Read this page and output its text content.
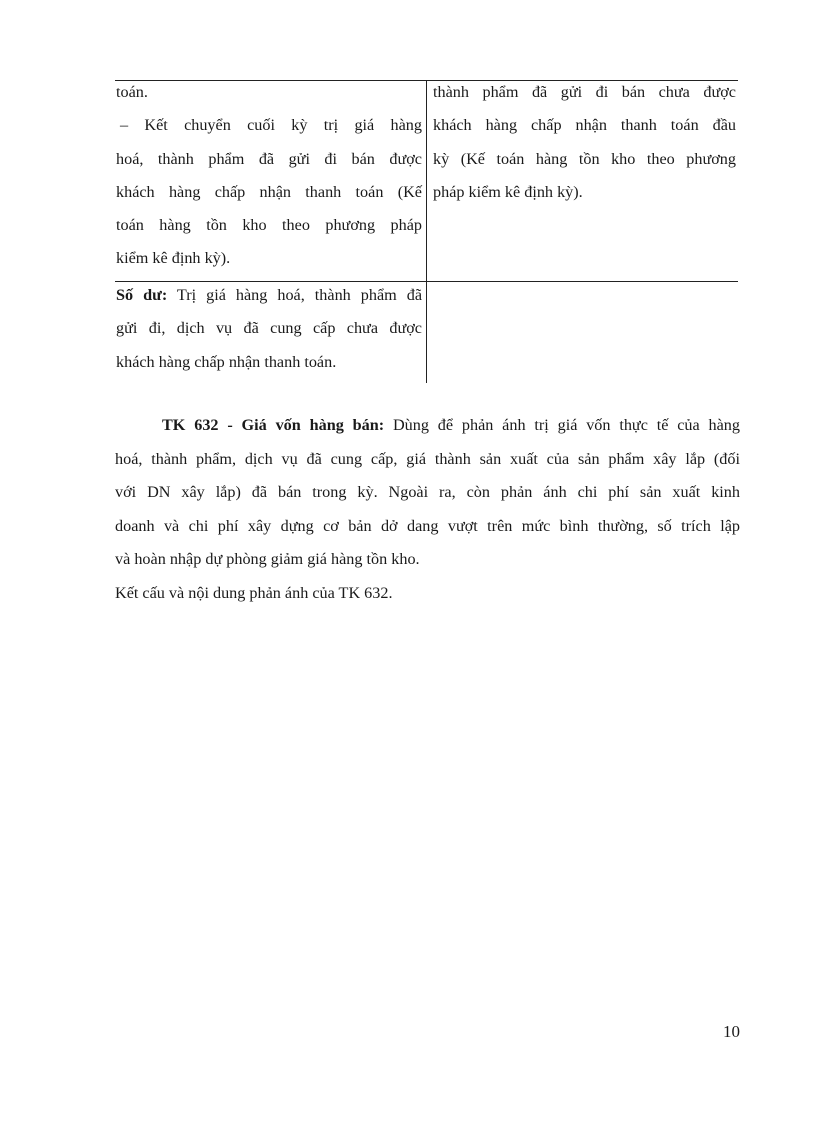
toán.
– Kết chuyển cuối kỳ trị giá hàng
hoá, thành phẩm đã gửi đi bán được
khách hàng chấp nhận thanh toán (Kế
toán hàng tồn kho theo phương pháp
kiểm kê định kỳ).
thành phẩm đã gửi đi bán chưa được
khách hàng chấp nhận thanh toán đầu
kỳ (Kế toán hàng tồn kho theo phương
pháp kiểm kê định kỳ).
Số dư: Trị giá hàng hoá, thành phẩm đã
gửi đi, dịch vụ đã cung cấp chưa được
khách hàng chấp nhận thanh toán.
TK 632 - Giá vốn hàng bán: Dùng để phản ánh trị giá vốn thực tế của hàng
hoá, thành phẩm, dịch vụ đã cung cấp, giá thành sản xuất của sản phẩm xây lắp (đối
với DN xây lắp) đã bán trong kỳ. Ngoài ra, còn phản ánh chi phí sản xuất kinh
doanh và chi phí xây dựng cơ bản dở dang vượt trên mức bình thường, số trích lập
và hoàn nhập dự phòng giảm giá hàng tồn kho.
Kết cấu và nội dung phản ánh của TK 632.
10
